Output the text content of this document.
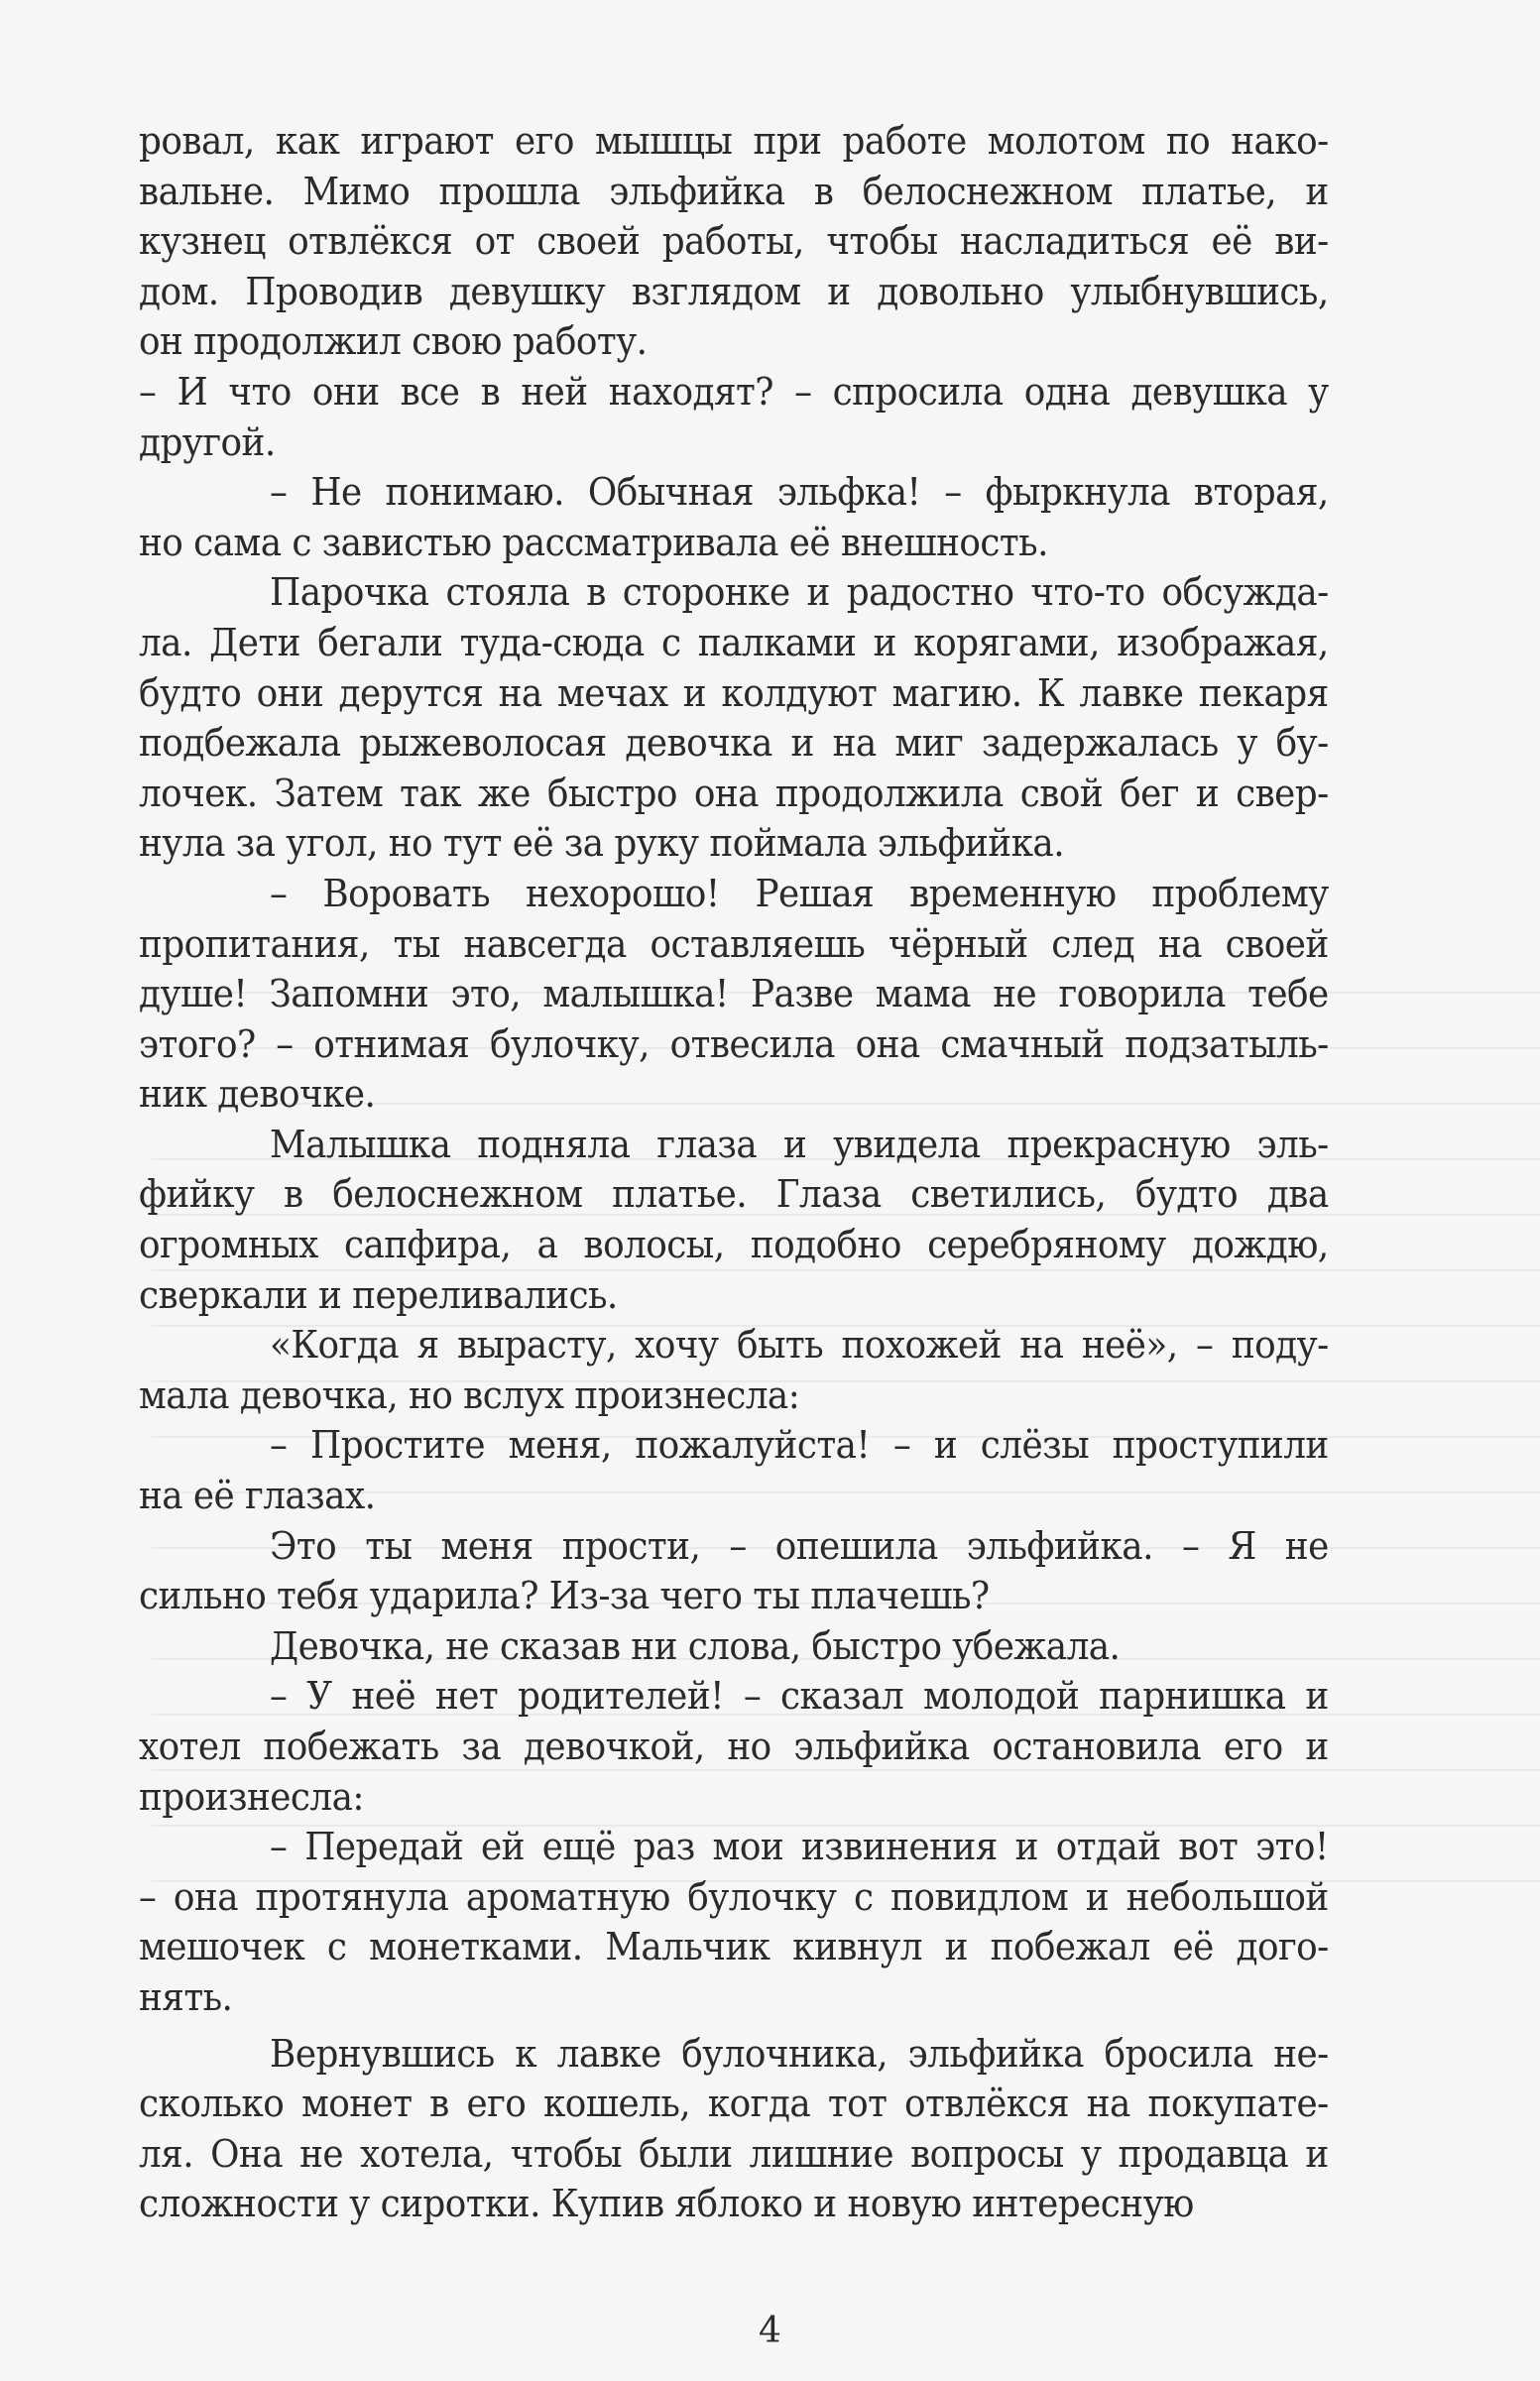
ровал, как играют его мышцы при работе молотом по нако-
вальне. Мимо прошла эльфийка в белоснежном платье, и
кузнец отвлёкся от своей работы, чтобы насладиться её ви-
дом. Проводив девушку взглядом и довольно улыбнувшись,
он продолжил свою работу.
– И что они все в ней находят? – спросила одна девушка у
другой.
– Не понимаю. Обычная эльфка! – фыркнула вторая,
но сама с завистью рассматривала её внешность.
Парочка стояла в сторонке и радостно что-то обсужда-
ла. Дети бегали туда-сюда с палками и корягами, изображая,
будто они дерутся на мечах и колдуют магию. К лавке пекаря
подбежала рыжеволосая девочка и на миг задержалась у бу-
лочек. Затем так же быстро она продолжила свой бег и свер-
нула за угол, но тут её за руку поймала эльфийка.
– Воровать нехорошо! Решая временную проблему
пропитания, ты навсегда оставляешь чёрный след на своей
душе! Запомни это, малышка! Разве мама не говорила тебе
этого? – отнимая булочку, отвесила она смачный подзатыль-
ник девочке.
Малышка подняла глаза и увидела прекрасную эль-
фийку в белоснежном платье. Глаза светились, будто два
огромных сапфира, а волосы, подобно серебряному дождю,
сверкали и переливались.
«Когда я вырасту, хочу быть похожей на неё», – поду-
мала девочка, но вслух произнесла:
– Простите меня, пожалуйста! – и слёзы проступили
на её глазах.
Это ты меня прости, – опешила эльфийка. – Я не
сильно тебя ударила? Из-за чего ты плачешь?
Девочка, не сказав ни слова, быстро убежала.
– У неё нет родителей! – сказал молодой парнишка и
хотел побежать за девочкой, но эльфийка остановила его и
произнесла:
– Передай ей ещё раз мои извинения и отдай вот это!
– она протянула ароматную булочку с повидлом и небольшой
мешочек с монетками. Мальчик кивнул и побежал её дого-
нять.
Вернувшись к лавке булочника, эльфийка бросила не-
сколько монет в его кошель, когда тот отвлёкся на покупате-
ля. Она не хотела, чтобы были лишние вопросы у продавца и
сложности у сиротки. Купив яблоко и новую интересную
4
